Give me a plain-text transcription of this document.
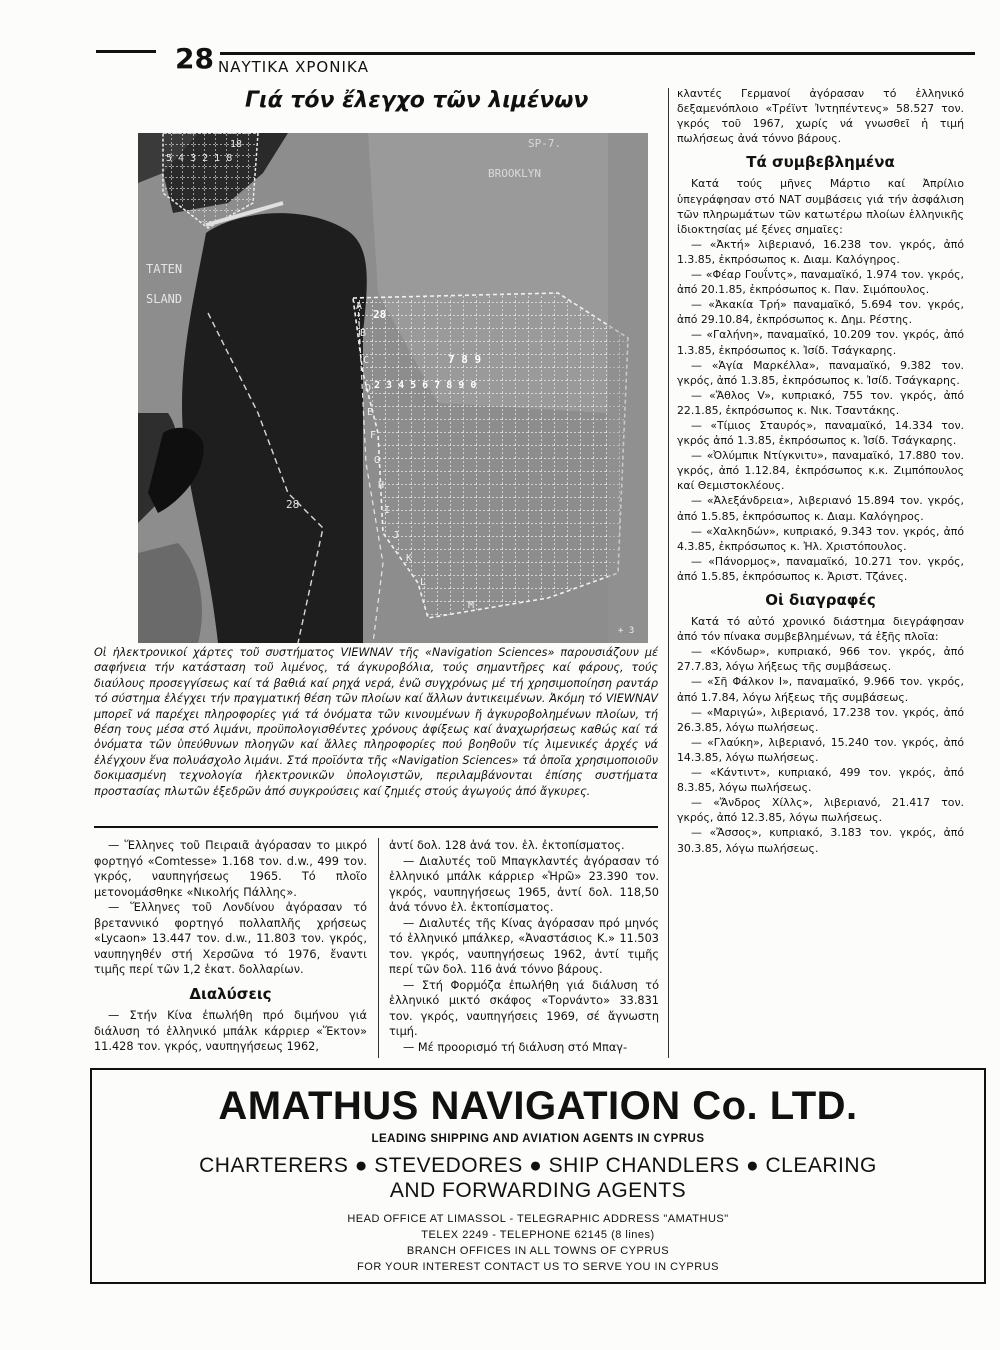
28 ΝΑΥΤΙΚΑ ΧΡΟΝΙΚΑ
Γιά τόν ἔλεγχο τῶν λιμένων
BROOKLYN
SP-7.
TATEN
SLAND
28
18
5 4 3 2 1 8
28
7 8 9
2 3 4 5 6 7 8 9 0
+ 3
A
B
C
D
E
F
G
H
I
J
K
L
M
Οἱ ἠλεκτρονικοί χάρτες τοῦ συστήματος VIEWNAV τῆς «Navigation Sciences» παρουσιάζουν μέ σαφήνεια τήν κατάσταση τοῦ λιμένος, τά άγκυροβόλια, τούς σημαντῆρες καί φάρους, τούς διαύλους προσεγγίσεως καί τά βαθιά καί ρηχά νερά, ἐνῶ συγχρόνως μέ τή χρησιμοποίηση ραντάρ τό σύστημα ἐλέγχει τήν πραγματική θέση τῶν πλοίων καί ἄλλων ἀντικειμένων. Ἀκόμη τό VIEWNAV μπορεῖ νά παρέχει πληροφορίες γιά τά ὀνόματα τῶν κινουμένων ἤ ἀγκυροβολημένων πλοίων, τή θέση τους μέσα στό λιμάνι, προϋπολογισθέντες χρόνους ἀφίξεως καί ἀναχωρήσεως καθώς καί τά ὀνόματα τῶν ὑπεύθυνων πλοηγῶν καί ἄλλες πληροφορίες πού βοηθοῦν τίς λιμενικές ἀρχές νά ἐλέγχουν ἕνα πολυάσχολο λιμάνι. Στά προϊόντα τῆς «Navigation Sciences» τά ὁποῖα χρησιμοποιοῦν δοκιμασμένη τεχνολογία ἠλεκτρονικῶν ὑπολογιστῶν, περιλαμβάνονται ἐπίσης συστήματα προστασίας πλωτῶν ἐξεδρῶν ἀπό συγκρούσεις καί ζημιές στούς ἀγωγούς ἀπό ἄγκυρες.

— Ἕλληνες τοῦ Πειραιᾶ ἀγόρασαν το μικρό φορτηγό «Comtesse» 1.168 τον. d.w., 499 τον. γκρός, ναυπηγήσεως 1965. Τό πλοῖο μετονομάσθηκε «Νικολής Πάλλης».

— Ἕλληνες τοῦ Λονδίνου ἀγόρασαν τό βρεταννικό φορτηγό πολλαπλῆς χρήσεως «Lycaon» 13.447 τον. d.w., 11.803 τον. γκρός, ναυπηγηθέν στή Χερσῶνα τό 1976, ἔναντι τιμῆς περί τῶν 1,2 ἑκατ. δολλαρίων.

Διαλύσεις

— Στήν Κίνα ἐπωλήθη πρό διμήνου γιά διάλυση τό ἑλληνικό μπάλκ κάρριερ «Ἕκτον» 11.428 τον. γκρός, ναυπηγήσεως 1962,

ἀντί δολ. 128 ἀνά τον. ἑλ. ἐκτοπίσματος.

— Διαλυτές τοῦ Μπαγκλαντές ἀγόρασαν τό ἑλληνικό μπάλκ κάρριερ «Ἡρῶ» 23.390 τον. γκρός, ναυπηγήσεως 1965, ἀντί δολ. 118,50 ἀνά τόννο ἑλ. ἐκτοπίσματος.

— Διαλυτές τῆς Κίνας ἀγόρασαν πρό μηνός τό ἑλληνικό μπάλκερ, «Ἀναστάσιος Κ.» 11.503 τον. γκρός, ναυπηγήσεως 1962, ἀντί τιμῆς περί τῶν δολ. 116 ἀνά τόννο βάρους.

— Στή Φορμόζα ἐπωλήθη γιά διάλυση τό ἑλληνικό μικτό σκάφος «Τορνάντο» 33.831 τον. γκρός, ναυπηγήσεις 1969, σέ ἄγνωστη τιμή.

— Μέ προορισμό τή διάλυση στό Μπαγ-

κλαντές Γερμανοί ἀγόρασαν τό ἑλληνικό δεξαμενόπλοιο «Τρέϊντ Ἰντηπέντενς» 58.527 τον. γκρός τοῦ 1967, χωρίς νά γνωσθεῖ ἡ τιμή πωλήσεως ἀνά τόννο βάρους.

Τά συμβεβλημένα

Κατά τούς μῆνες Μάρτιο καί Ἀπρίλιο ὑπεγράφησαν στό ΝΑΤ συμβάσεις γιά τήν ἀσφάλιση τῶν πληρωμάτων τῶν κατωτέρω πλοίων ἑλληνικῆς ἰδιοκτησίας μέ ξένες σημαῖες:

— «Ἀκτή» λιβεριανό, 16.238 τον. γκρός, ἀπό 1.3.85, ἐκπρόσωπος κ. Διαμ. Καλόγηρος.

— «Φέαρ Γουΐντς», παναμαϊκό, 1.974 τον. γκρός, ἀπό 20.1.85, ἐκπρόσωπος κ. Παν. Σιμόπουλος.

— «Ἀκακία Τρή» παναμαϊκό, 5.694 τον. γκρός, ἀπό 29.10.84, ἐκπρόσωπος κ. Δημ. Ρέστης.

— «Γαλήνη», παναμαϊκό, 10.209 τον. γκρός, ἀπό 1.3.85, ἐκπρόσωπος κ. Ἰσίδ. Τσάγκαρης.

— «Ἁγία Μαρκέλλα», παναμαϊκό, 9.382 τον. γκρός, ἀπό 1.3.85, ἐκπρόσωπος κ. Ἰσίδ. Τσάγκαρης.

— «Ἄθλος V», κυπριακό, 755 τον. γκρός, ἀπό 22.1.85, ἐκπρόσωπος κ. Νικ. Τσαντάκης.

— «Τίμιος Σταυρός», παναμαϊκό, 14.334 τον. γκρός ἀπό 1.3.85, ἐκπρόσωπος κ. Ἰσίδ. Τσάγκαρης.

— «Ὀλύμπικ Ντίγκνιτυ», παναμαϊκό, 17.880 τον. γκρός, ἀπό 1.12.84, ἐκπρόσωπος κ.κ. Ζιμπόπουλος καί Θεμιστοκλέους.

— «Ἀλεξάνδρεια», λιβεριανό 15.894 τον. γκρός, ἀπό 1.5.85, ἐκπρόσωπος κ. Διαμ. Καλόγηρος.

— «Χαλκηδών», κυπριακό, 9.343 τον. γκρός, ἀπό 4.3.85, ἐκπρόσωπος κ. Ἠλ. Χριστόπουλος.

— «Πάνορμος», παναμαϊκό, 10.271 τον. γκρός, ἀπό 1.5.85, ἐκπρόσωπος κ. Ἀριστ. Τζάνες.

Οἱ διαγραφές

Κατά τό αὐτό χρονικό διάστημα διεγράφησαν ἀπό τόν πίνακα συμβεβλημένων, τά ἑξῆς πλοῖα:

— «Κόνδωρ», κυπριακό, 966 τον. γκρός, ἀπό 27.7.83, λόγω λήξεως τῆς συμβάσεως.

— «Σῆ Φάλκον Ι», παναμαϊκό, 9.966 τον. γκρός, ἀπό 1.7.84, λόγω λήξεως τῆς συμβάσεως.

— «Μαριγώ», λιβεριανό, 17.238 τον. γκρός, ἀπό 26.3.85, λόγω πωλήσεως.

— «Γλαύκη», λιβεριανό, 15.240 τον. γκρός, ἀπό 14.3.85, λόγω πωλήσεως.

— «Κάντιντ», κυπριακό, 499 τον. γκρός, ἀπό 8.3.85, λόγω πωλήσεως.

— «Ἄνδρος Χίλλς», λιβεριανό, 21.417 τον. γκρός, ἀπό 12.3.85, λόγω πωλήσεως.

— «Ἄσσος», κυπριακό, 3.183 τον. γκρός, ἀπό 30.3.85, λόγω πωλήσεως.

AMATHUS NAVIGATION Co. LTD.
LEADING SHIPPING AND AVIATION AGENTS IN CYPRUS
CHARTERERS ● STEVEDORES ● SHIP CHANDLERS ● CLEARING
AND FORWARDING AGENTS
HEAD OFFICE AT LIMASSOL - TELEGRAPHIC ADDRESS "AMATHUS"
TELEX 2249 - TELEPHONE 62145 (8 lines)
BRANCH OFFICES IN ALL TOWNS OF CYPRUS
FOR YOUR INTEREST CONTACT US TO SERVE YOU IN CYPRUS
